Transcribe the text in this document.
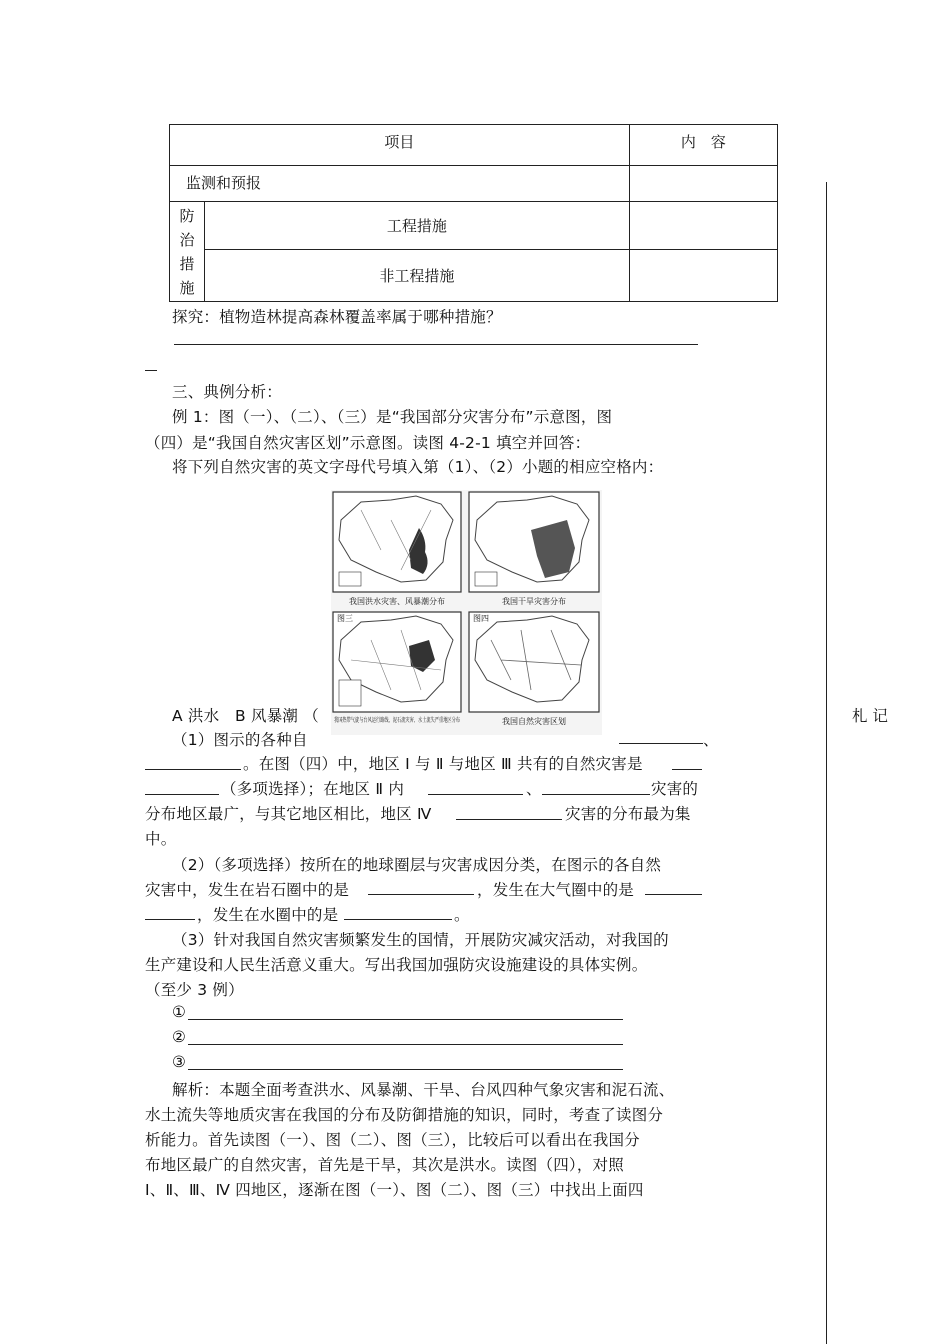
项目		内　容
监测和预报		

防
治
措
施	工程措施	
	非工程措施	
探究：植物造林提高森林覆盖率属于哪种措施？
三、典例分析：
例 1：图（一）、（二）、（三）是“我国部分灾害分布”示意图，图
（四）是“我国自然灾害区划”示意图。读图 4-2-1 填空并回答：
将下列自然灾害的英文字母代号填入第（1）、（2）小题的相应空格内：
图三	图四
我国洪水灾害、风暴潮分布	我国干旱灾害分布
我国热带气旋与台风运行路线、泥石流灾害、水土流失严重地区分布
我国自然灾害区划
A 洪水　B 风暴潮 （	札 记
（1）图示的各种自	、
。在图（四）中，地区 Ⅰ 与 Ⅱ 与地区 Ⅲ 共有的自然灾害是
（多项选择）；在地区 Ⅱ 内	、	灾害的
分布地区最广，与其它地区相比，地区 Ⅳ	灾害的分布最为集
中。
（2）（多项选择）按所在的地球圈层与灾害成因分类，在图示的各自然
灾害中，发生在岩石圈中的是	，发生在大气圈中的是
，发生在水圈中的是	。
（3）针对我国自然灾害频繁发生的国情，开展防灾减灾活动，对我国的
生产建设和人民生活意义重大。写出我国加强防灾设施建设的具体实例。
（至少 3 例）
①
②
③
解析：本题全面考查洪水、风暴潮、干旱、台风四种气象灾害和泥石流、
水土流失等地质灾害在我国的分布及防御措施的知识，同时，考查了读图分
析能力。首先读图（一）、图（二）、图（三），比较后可以看出在我国分
布地区最广的自然灾害，首先是干旱，其次是洪水。读图（四），对照
Ⅰ、Ⅱ、Ⅲ、Ⅳ 四地区，逐渐在图（一）、图（二）、图（三）中找出上面四
